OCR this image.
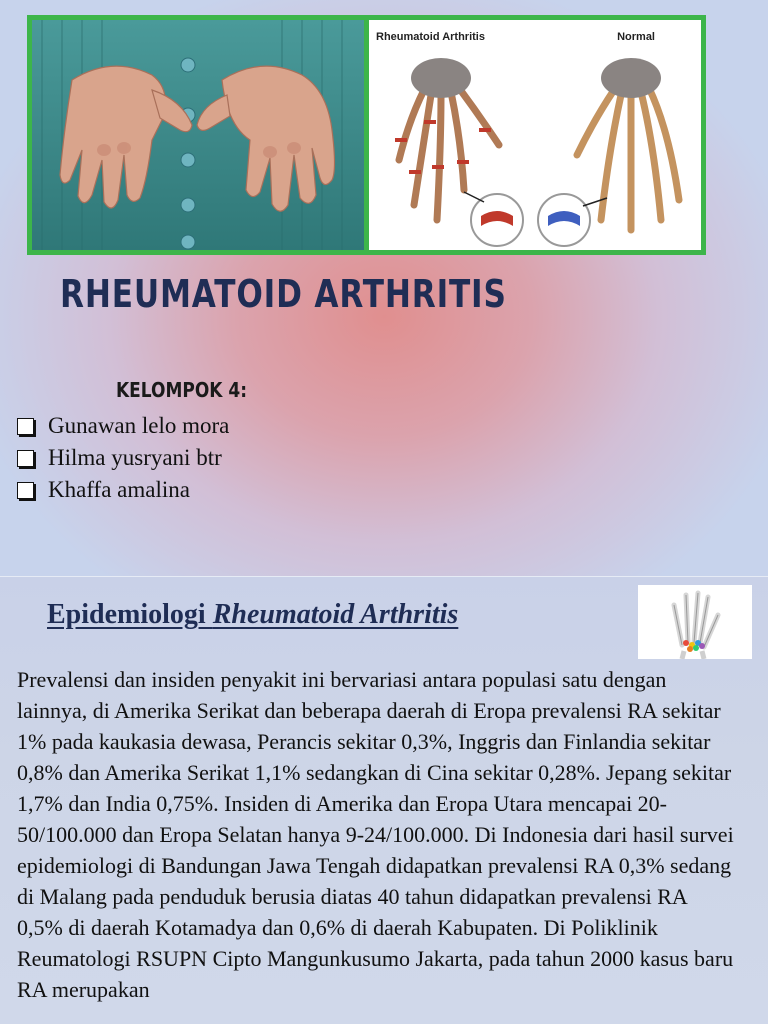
Rheumatoid Arthritis	Normal
RHEUMATOID ARTHRITIS
KELOMPOK 4:
Gunawan lelo mora
Hilma yusryani btr
Khaffa amalina
Epidemiologi Rheumatoid Arthritis

Prevalensi dan insiden penyakit ini bervariasi antara populasi satu dengan lainnya, di Amerika Serikat dan beberapa daerah di Eropa prevalensi RA sekitar 1% pada kaukasia dewasa, Perancis sekitar 0,3%, Inggris dan Finlandia sekitar 0,8% dan Amerika Serikat 1,1% sedangkan di Cina sekitar 0,28%. Jepang sekitar 1,7% dan India 0,75%. Insiden di Amerika dan Eropa Utara mencapai 20-50/100.000 dan Eropa Selatan hanya 9-24/100.000. Di Indonesia dari hasil survei epidemiologi di Bandungan Jawa Tengah didapatkan prevalensi RA 0,3% sedang di Malang pada penduduk berusia diatas 40 tahun didapatkan prevalensi RA 0,5% di daerah Kotamadya dan 0,6% di daerah Kabupaten. Di Poliklinik Reumatologi RSUPN Cipto Mangunkusumo Jakarta, pada tahun 2000 kasus baru RA merupakan
